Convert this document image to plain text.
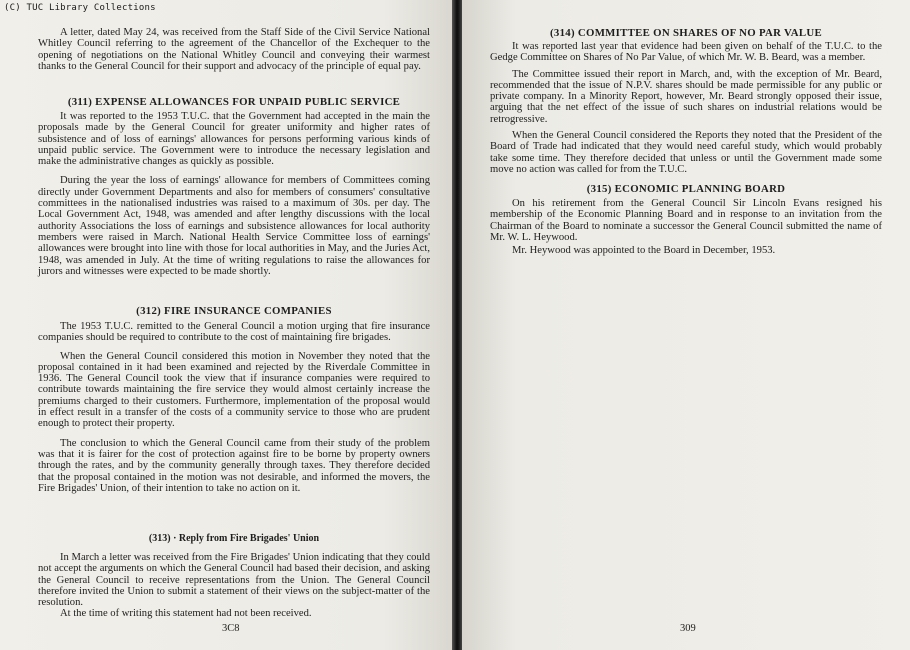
(C) TUC Library Collections

A letter, dated May 24, was received from the Staff Side of the Civil Service National Whitley Council referring to the agreement of the Chancellor of the Exchequer to the opening of negotiations on the National Whitley Council and conveying their warmest thanks to the General Council for their support and advocacy of the principle of equal pay.

(311) EXPENSE ALLOWANCES FOR UNPAID PUBLIC SERVICE

It was reported to the 1953 T.U.C. that the Government had accepted in the main the proposals made by the General Council for greater uniformity and higher rates of subsistence and of loss of earnings' allowances for persons performing various kinds of unpaid public service. The Government were to introduce the necessary legislation and make the administrative changes as quickly as possible.

During the year the loss of earnings' allowance for members of Committees coming directly under Government Departments and also for members of consumers' consultative committees in the nationalised industries was raised to a maximum of 30s. per day. The Local Government Act, 1948, was amended and after lengthy discussions with the local authority Associations the loss of earnings and subsistence allowances for local authority members were raised in March. National Health Service Committee loss of earnings' allowances were brought into line with those for local authorities in May, and the Juries Act, 1948, was amended in July. At the time of writing regulations to raise the allowances for jurors and witnesses were expected to be made shortly.

(312) FIRE INSURANCE COMPANIES

The 1953 T.U.C. remitted to the General Council a motion urging that fire insurance companies should be required to contribute to the cost of maintaining fire brigades.

When the General Council considered this motion in November they noted that the proposal contained in it had been examined and rejected by the Riverdale Committee in 1936. The General Council took the view that if insurance companies were required to contribute towards maintaining the fire service they would almost certainly increase the premiums charged to their customers. Furthermore, implementation of the proposal would in effect result in a transfer of the costs of a community service to those who are prudent enough to protect their property.

The conclusion to which the General Council came from their study of the problem was that it is fairer for the cost of protection against fire to be borne by property owners through the rates, and by the community generally through taxes. They therefore decided that the proposal contained in the motion was not desirable, and informed the movers, the Fire Brigades' Union, of their intention to take no action on it.

(313) · Reply from Fire Brigades' Union

In March a letter was received from the Fire Brigades' Union indicating that they could not accept the arguments on which the General Council had based their decision, and asking the General Council to receive representations from the Union. The General Council therefore invited the Union to submit a statement of their views on the subject-matter of the resolution.

At the time of writing this statement had not been received.

3C8
(314) COMMITTEE ON SHARES OF NO PAR VALUE

It was reported last year that evidence had been given on behalf of the T.U.C. to the Gedge Committee on Shares of No Par Value, of which Mr. W. B. Beard, was a member.

The Committee issued their report in March, and, with the exception of Mr. Beard, recommended that the issue of N.P.V. shares should be made permissible for any public or private company. In a Minority Report, however, Mr. Beard strongly opposed their issue, arguing that the net effect of the issue of such shares on industrial relations would be retrogressive.

When the General Council considered the Reports they noted that the President of the Board of Trade had indicated that they would need careful study, which would probably take some time. They therefore decided that unless or until the Government made some move no action was called for from the T.U.C.

(315) ECONOMIC PLANNING BOARD

On his retirement from the General Council Sir Lincoln Evans resigned his membership of the Economic Planning Board and in response to an invitation from the Chairman of the Board to nominate a successor the General Council submitted the name of Mr. W. L. Heywood.

Mr. Heywood was appointed to the Board in December, 1953.

309
